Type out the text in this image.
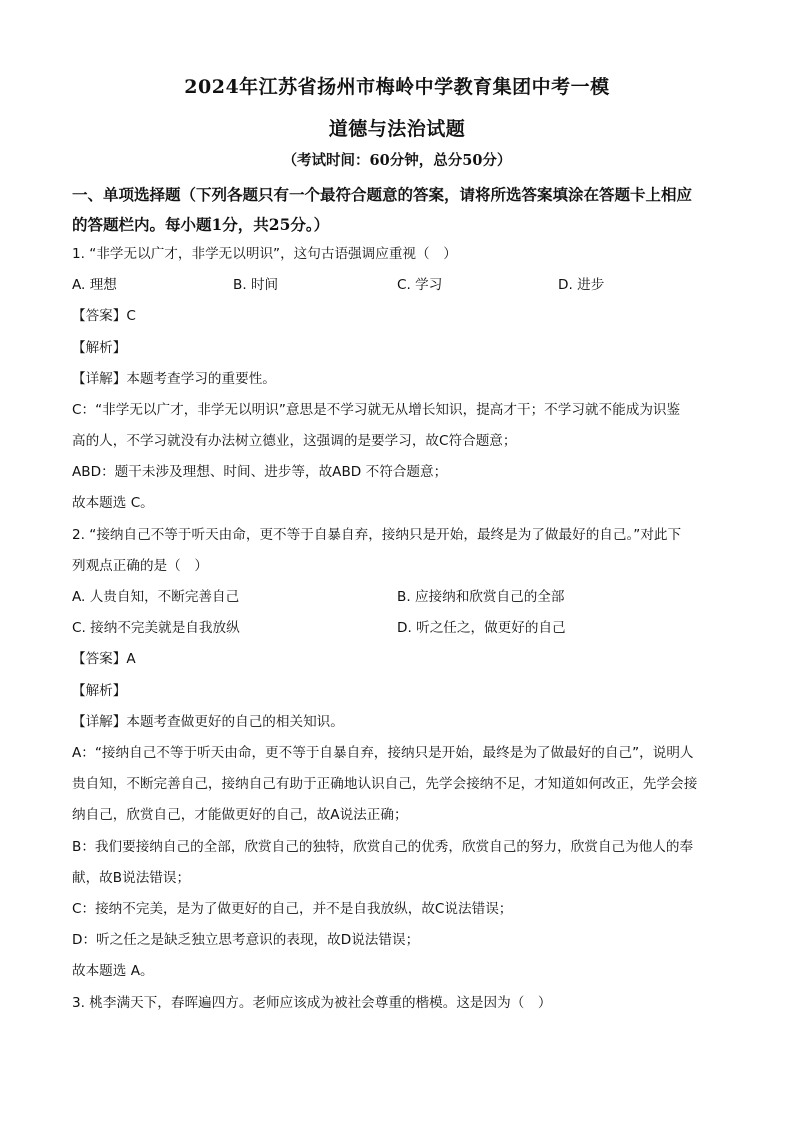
2024年江苏省扬州市梅岭中学教育集团中考一模
道德与法治试题
（考试时间：60分钟，总分50分）
一、单项选择题（下列各题只有一个最符合题意的答案，请将所选答案填涂在答题卡上相应
的答题栏内。每小题1分，共25分。）
1. “非学无以广才，非学无以明识”，这句古语强调应重视（　）
A. 理想	B. 时间	C. 学习	D. 进步
【答案】C
【解析】
【详解】本题考查学习的重要性。
C：“非学无以广才，非学无以明识”意思是不学习就无从增长知识，提高才干；不学习就不能成为识鉴
高的人，不学习就没有办法树立德业，这强调的是要学习，故C符合题意；
ABD：题干未涉及理想、时间、进步等，故ABD 不符合题意；
故本题选 C。
2. “接纳自己不等于听天由命，更不等于自暴自弃，接纳只是开始，最终是为了做最好的自己。”对此下
列观点正确的是（　）
A. 人贵自知，不断完善自己	B. 应接纳和欣赏自己的全部
C. 接纳不完美就是自我放纵	D. 听之任之，做更好的自己
【答案】A
【解析】
【详解】本题考查做更好的自己的相关知识。
A：“接纳自己不等于听天由命，更不等于自暴自弃，接纳只是开始，最终是为了做最好的自己”，说明人
贵自知，不断完善自己，接纳自己有助于正确地认识自己，先学会接纳不足，才知道如何改正，先学会接
纳自己，欣赏自己，才能做更好的自己，故A说法正确；
B：我们要接纳自己的全部，欣赏自己的独特，欣赏自己的优秀，欣赏自己的努力，欣赏自己为他人的奉
献，故B说法错误；
C：接纳不完美，是为了做更好的自己，并不是自我放纵，故C说法错误；
D：听之任之是缺乏独立思考意识的表现，故D说法错误；
故本题选 A。
3. 桃李满天下，春晖遍四方。老师应该成为被社会尊重的楷模。这是因为（　）
